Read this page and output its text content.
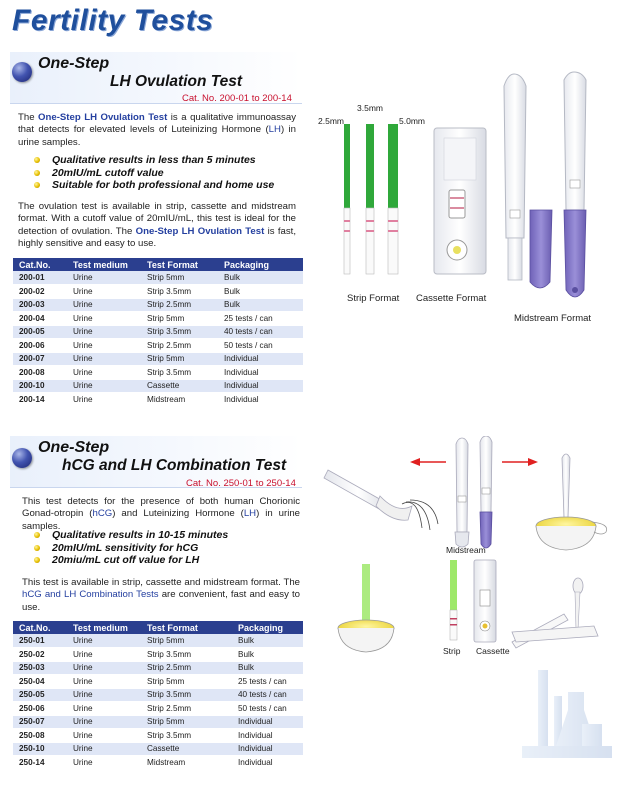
Fertility Tests
One-Step
LH Ovulation Test
Cat. No. 200-01 to 200-14
The One-Step LH Ovulation Test is a qualitative immunoassay that detects for elevated levels of Luteinizing Hormone (LH) in urine samples.
Qualitative results in less than 5 minutes
20mIU/mL cutoff value
Suitable for both professional and home use
The ovulation test is available in strip, cassette and midstream format. With a cutoff value of 20mIU/mL, this test is ideal for the detection of ovulation. The One-Step LH Ovulation Test is fast, highly sensitive and easy to use.
Cat.No.	Test medium	Test Format	Packaging
200-01	Urine	Strip 5mm	Bulk
200-02	Urine	Strip 3.5mm	Bulk
200-03	Urine	Strip 2.5mm	Bulk
200-04	Urine	Strip 5mm	25 tests / can
200-05	Urine	Strip 3.5mm	40 tests / can
200-06	Urine	Strip 2.5mm	50 tests / can
200-07	Urine	Strip 5mm	Individual
200-08	Urine	Strip 3.5mm	Individual
200-10	Urine	Cassette	Individual
200-14	Urine	Midstream	Individual
3.5mm
2.5mm	5.0mm
Strip Format Cassette Format
Midstream Format
One-Step
hCG and LH Combination Test
Cat. No. 250-01 to 250-14
This test detects for the presence of both human Chorionic Gonad-otropin (hCG) and Luteinizing Hormone (LH) in urine samples.
Qualitative results in 10-15 minutes
20mIU/mL sensitivity for hCG
20miu/mL cut off value for LH
This test is available in strip, cassette and midstream format. The hCG and LH Combination Tests are convenient, fast and easy to use.
Cat.No.	Test medium	Test Format	Packaging
250-01	Urine	Strip 5mm	Bulk
250-02	Urine	Strip 3.5mm	Bulk
250-03	Urine	Strip 2.5mm	Bulk
250-04	Urine	Strip 5mm	25 tests / can
250-05	Urine	Strip 3.5mm	40 tests / can
250-06	Urine	Strip 2.5mm	50 tests / can
250-07	Urine	Strip 5mm	Individual
250-08	Urine	Strip 3.5mm	Individual
250-10	Urine	Cassette	Individual
250-14	Urine	Midstream	Individual
Midstream
Strip Cassette
